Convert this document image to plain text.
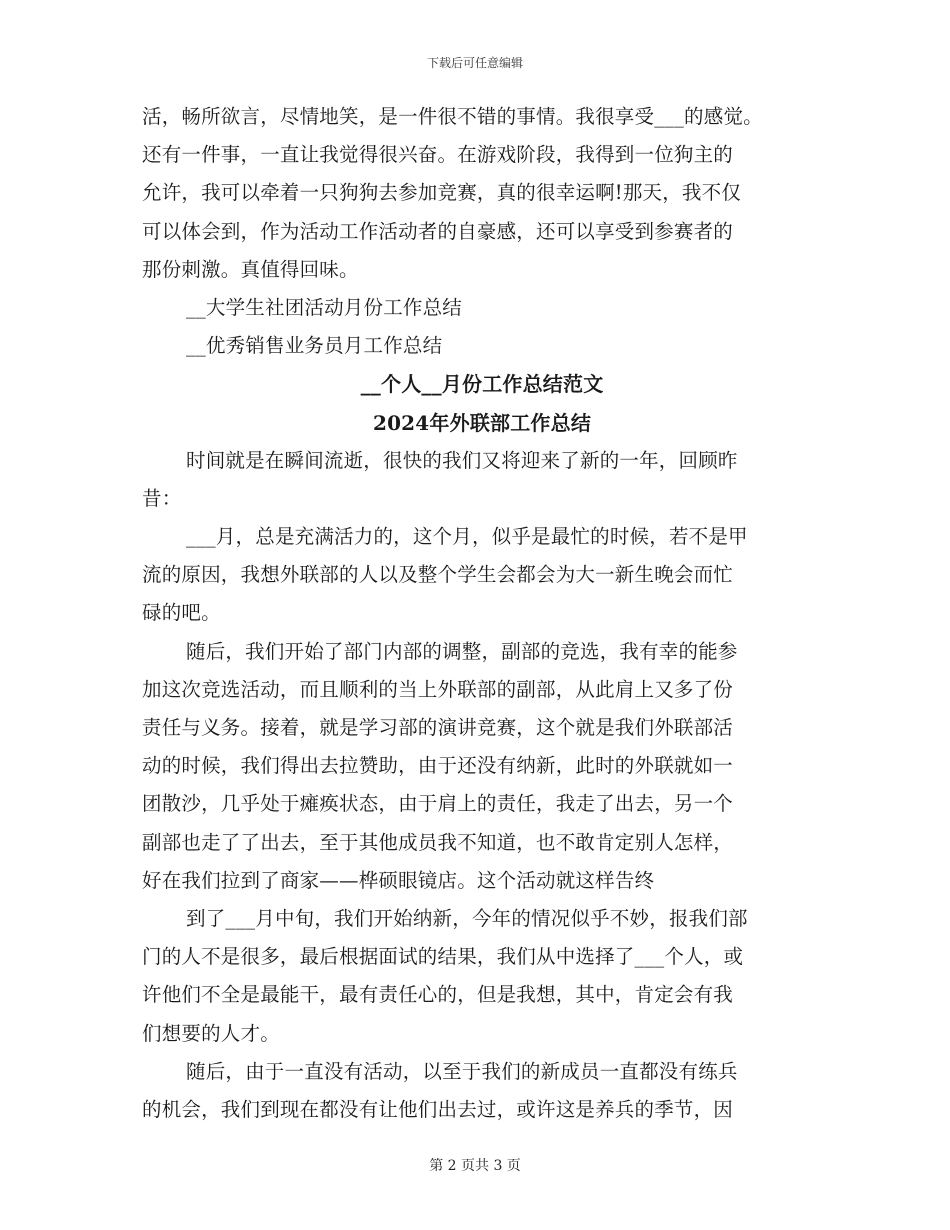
下载后可任意编辑
活，畅所欲言，尽情地笑，是一件很不错的事情。我很享受___的感觉。
还有一件事，一直让我觉得很兴奋。在游戏阶段，我得到一位狗主的
允许，我可以牵着一只狗狗去参加竞赛，真的很幸运啊!那天，我不仅
可以体会到，作为活动工作活动者的自豪感，还可以享受到参赛者的
那份刺激。真值得回味。
__大学生社团活动月份工作总结
__优秀销售业务员月工作总结
__个人__月份工作总结范文
2024年外联部工作总结
时间就是在瞬间流逝，很快的我们又将迎来了新的一年，回顾昨
昔：
___月，总是充满活力的，这个月，似乎是最忙的时候，若不是甲
流的原因，我想外联部的人以及整个学生会都会为大一新生晚会而忙
碌的吧。
随后，我们开始了部门内部的调整，副部的竞选，我有幸的能参
加这次竞选活动，而且顺利的当上外联部的副部，从此肩上又多了份
责任与义务。接着，就是学习部的演讲竞赛，这个就是我们外联部活
动的时候，我们得出去拉赞助，由于还没有纳新，此时的外联就如一
团散沙，几乎处于瘫痪状态，由于肩上的责任，我走了出去，另一个
副部也走了了出去，至于其他成员我不知道，也不敢肯定别人怎样，
好在我们拉到了商家——桦硕眼镜店。这个活动就这样告终
到了___月中旬，我们开始纳新，今年的情况似乎不妙，报我们部
门的人不是很多，最后根据面试的结果，我们从中选择了___个人，或
许他们不全是最能干，最有责任心的，但是我想，其中，肯定会有我
们想要的人才。
随后，由于一直没有活动，以至于我们的新成员一直都没有练兵
的机会，我们到现在都没有让他们出去过，或许这是养兵的季节，因
第 2 页共 3 页
